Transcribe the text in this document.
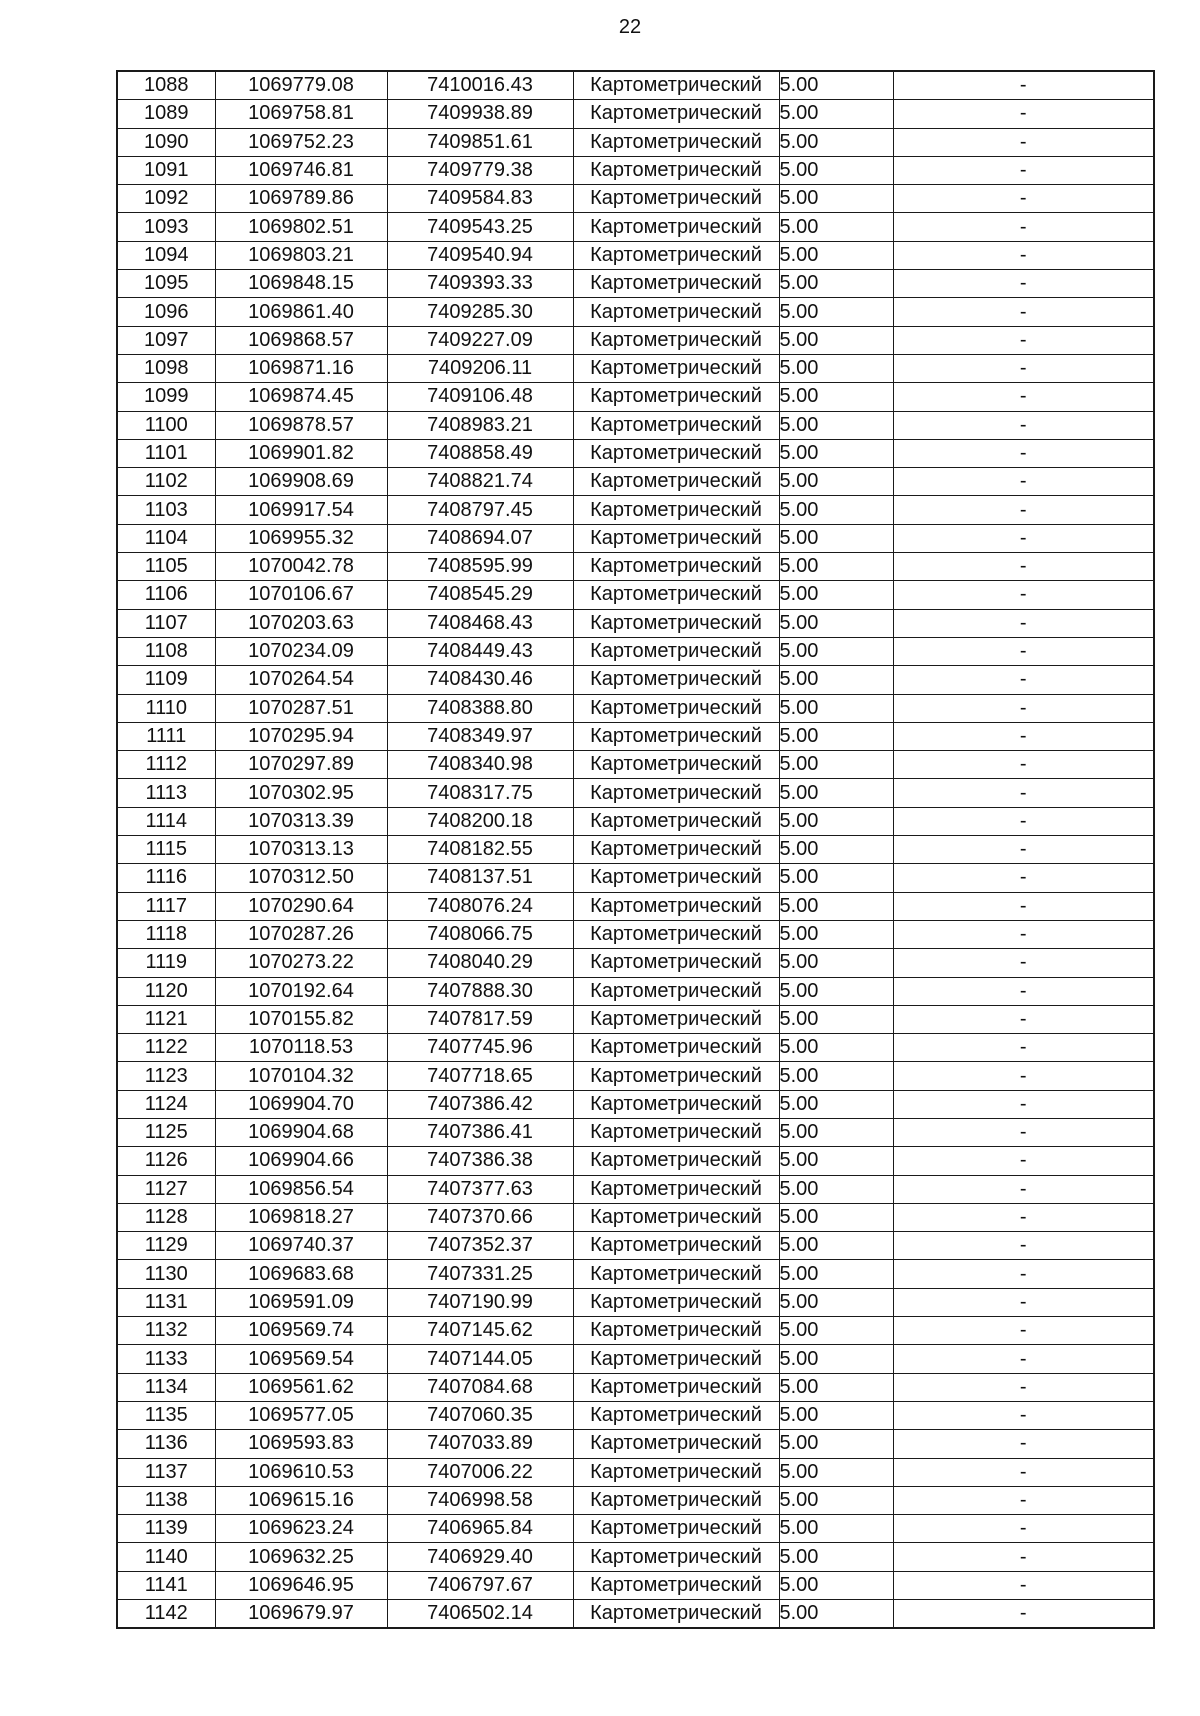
22
1088	1069779.08	7410016.43	Картометрический	5.00	-
1089	1069758.81	7409938.89	Картометрический	5.00	-
1090	1069752.23	7409851.61	Картометрический	5.00	-
1091	1069746.81	7409779.38	Картометрический	5.00	-
1092	1069789.86	7409584.83	Картометрический	5.00	-
1093	1069802.51	7409543.25	Картометрический	5.00	-
1094	1069803.21	7409540.94	Картометрический	5.00	-
1095	1069848.15	7409393.33	Картометрический	5.00	-
1096	1069861.40	7409285.30	Картометрический	5.00	-
1097	1069868.57	7409227.09	Картометрический	5.00	-
1098	1069871.16	7409206.11	Картометрический	5.00	-
1099	1069874.45	7409106.48	Картометрический	5.00	-
1100	1069878.57	7408983.21	Картометрический	5.00	-
1101	1069901.82	7408858.49	Картометрический	5.00	-
1102	1069908.69	7408821.74	Картометрический	5.00	-
1103	1069917.54	7408797.45	Картометрический	5.00	-
1104	1069955.32	7408694.07	Картометрический	5.00	-
1105	1070042.78	7408595.99	Картометрический	5.00	-
1106	1070106.67	7408545.29	Картометрический	5.00	-
1107	1070203.63	7408468.43	Картометрический	5.00	-
1108	1070234.09	7408449.43	Картометрический	5.00	-
1109	1070264.54	7408430.46	Картометрический	5.00	-
1110	1070287.51	7408388.80	Картометрический	5.00	-
1111	1070295.94	7408349.97	Картометрический	5.00	-
1112	1070297.89	7408340.98	Картометрический	5.00	-
1113	1070302.95	7408317.75	Картометрический	5.00	-
1114	1070313.39	7408200.18	Картометрический	5.00	-
1115	1070313.13	7408182.55	Картометрический	5.00	-
1116	1070312.50	7408137.51	Картометрический	5.00	-
1117	1070290.64	7408076.24	Картометрический	5.00	-
1118	1070287.26	7408066.75	Картометрический	5.00	-
1119	1070273.22	7408040.29	Картометрический	5.00	-
1120	1070192.64	7407888.30	Картометрический	5.00	-
1121	1070155.82	7407817.59	Картометрический	5.00	-
1122	1070118.53	7407745.96	Картометрический	5.00	-
1123	1070104.32	7407718.65	Картометрический	5.00	-
1124	1069904.70	7407386.42	Картометрический	5.00	-
1125	1069904.68	7407386.41	Картометрический	5.00	-
1126	1069904.66	7407386.38	Картометрический	5.00	-
1127	1069856.54	7407377.63	Картометрический	5.00	-
1128	1069818.27	7407370.66	Картометрический	5.00	-
1129	1069740.37	7407352.37	Картометрический	5.00	-
1130	1069683.68	7407331.25	Картометрический	5.00	-
1131	1069591.09	7407190.99	Картометрический	5.00	-
1132	1069569.74	7407145.62	Картометрический	5.00	-
1133	1069569.54	7407144.05	Картометрический	5.00	-
1134	1069561.62	7407084.68	Картометрический	5.00	-
1135	1069577.05	7407060.35	Картометрический	5.00	-
1136	1069593.83	7407033.89	Картометрический	5.00	-
1137	1069610.53	7407006.22	Картометрический	5.00	-
1138	1069615.16	7406998.58	Картометрический	5.00	-
1139	1069623.24	7406965.84	Картометрический	5.00	-
1140	1069632.25	7406929.40	Картометрический	5.00	-
1141	1069646.95	7406797.67	Картометрический	5.00	-
1142	1069679.97	7406502.14	Картометрический	5.00	-
